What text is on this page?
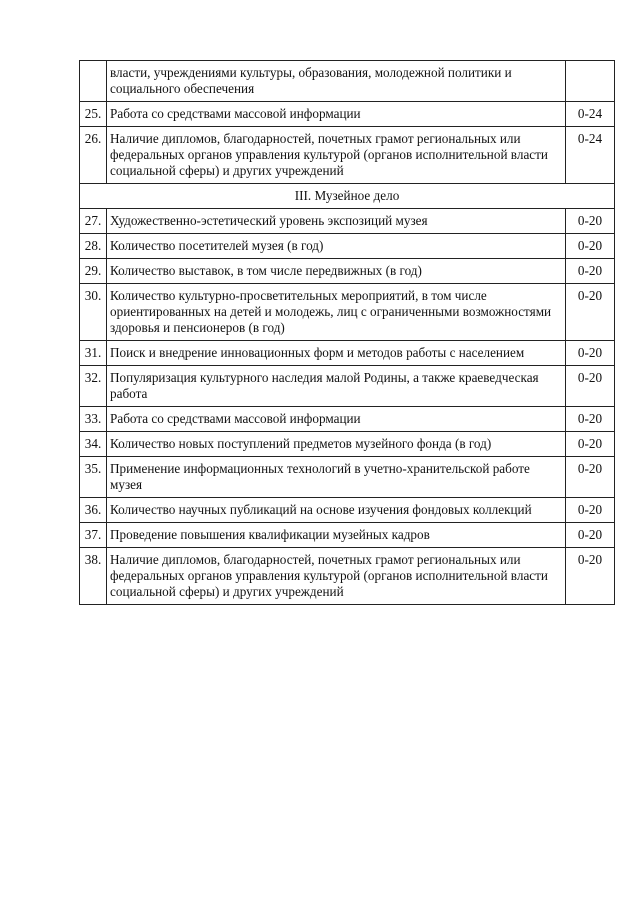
	власти, учреждениями культуры, образования, молодежной политики и социального обеспечения	
25.	Работа со средствами массовой информации	0-24
26.	Наличие дипломов, благодарностей, почетных грамот региональных или федеральных органов управления культурой (органов исполнительной власти социальной сферы) и других учреждений	0-24
III. Музейное дело		
27.	Художественно-эстетический уровень экспозиций музея	0-20
28.	Количество посетителей музея (в год)	0-20
29.	Количество выставок, в том числе передвижных (в год)	0-20
30.	Количество культурно-просветительных мероприятий, в том числе ориентированных на детей и молодежь, лиц с ограниченными возможностями здоровья и пенсионеров (в год)	0-20
31.	Поиск и внедрение инновационных форм и методов работы с населением	0-20
32.	Популяризация культурного наследия малой Родины, а также краеведческая работа	0-20
33.	Работа со средствами массовой информации	0-20
34.	Количество новых поступлений предметов музейного фонда (в год)	0-20
35.	Применение информационных технологий в учетно-хранительской работе музея	0-20
36.	Количество научных публикаций на основе изучения фондовых коллекций	0-20
37.	Проведение повышения квалификации музейных кадров	0-20
38.	Наличие дипломов, благодарностей, почетных грамот региональных или федеральных органов управления культурой (органов исполнительной власти социальной сферы) и других учреждений	0-20
